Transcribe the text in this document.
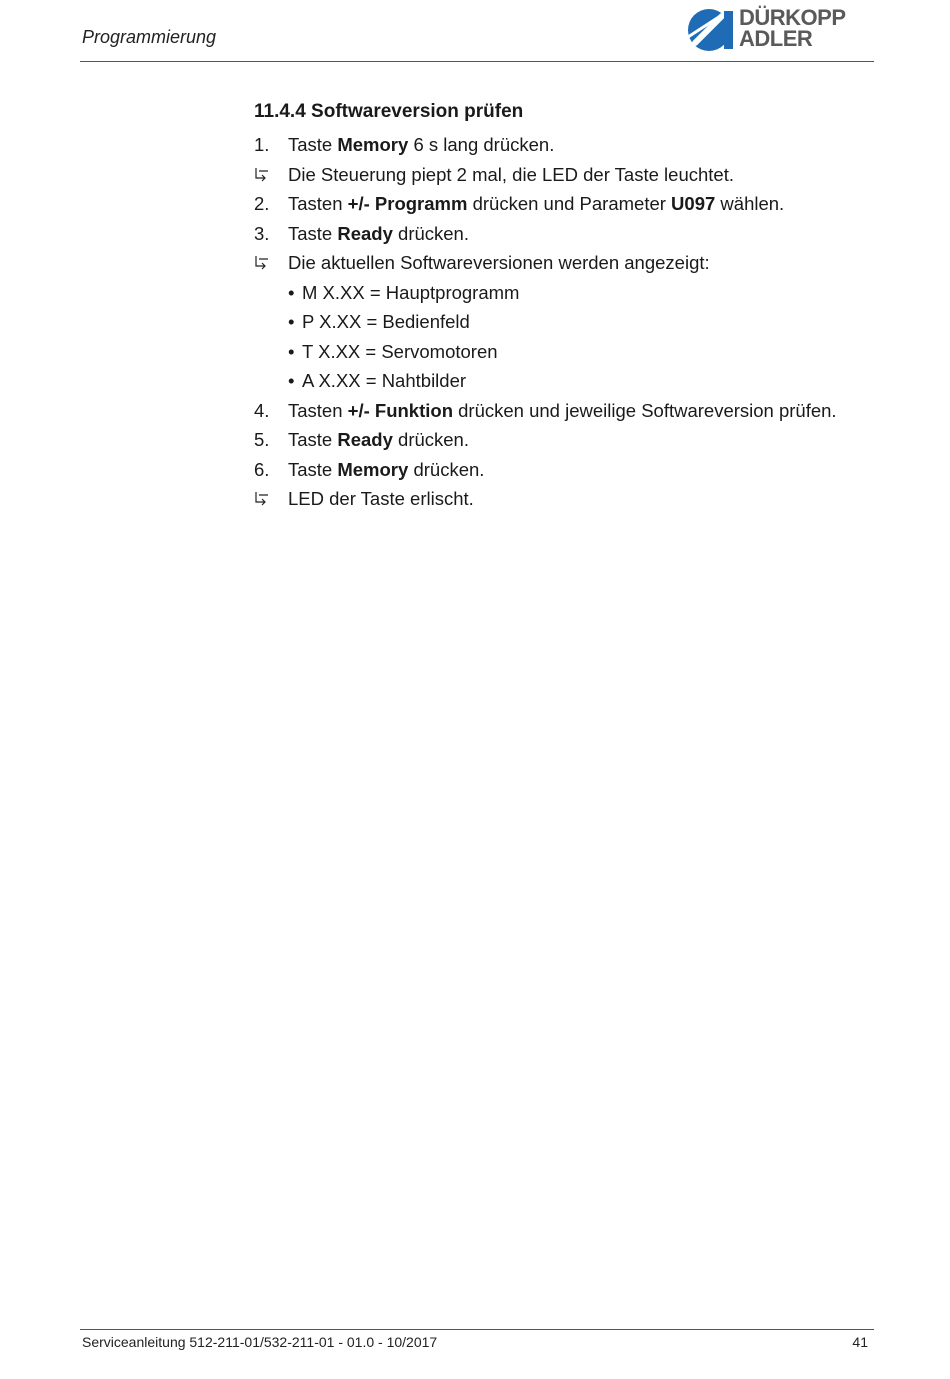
Programmierung
DÜRKOPP
ADLER
11.4.4 Softwareversion prüfen
1. Taste Memory 6 s lang drücken.
Die Steuerung piept 2 mal, die LED der Taste leuchtet.
2. Tasten +/- Programm drücken und Parameter U097 wählen.
3. Taste Ready drücken.
Die aktuellen Softwareversionen werden angezeigt:
• M X.XX = Hauptprogramm
• P X.XX = Bedienfeld
• T X.XX = Servomotoren
• A X.XX = Nahtbilder
4. Tasten +/- Funktion drücken und jeweilige Softwareversion prüfen.
5. Taste Ready drücken.
6. Taste Memory drücken.
LED der Taste erlischt.
Serviceanleitung 512-211-01/532-211-01 - 01.0 - 10/2017	41
